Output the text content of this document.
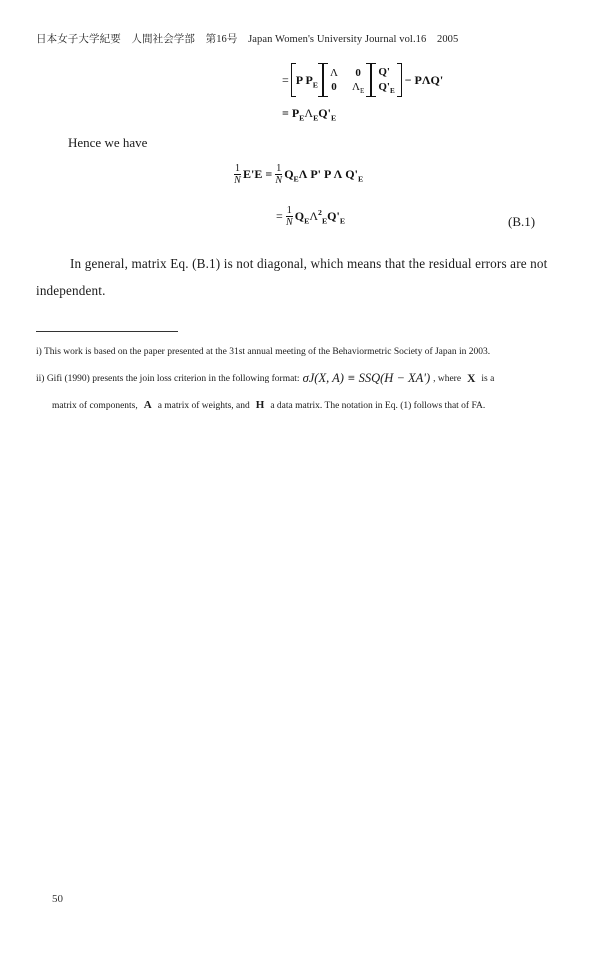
日本女子大学紀要　人間社会学部　第16号　Japan Women's University Journal vol.16　2005
= P $P_E$
Λ	0
0 $\Lambda_E$
Q'
$Q'_E$
− PΛQ'
= $P_E\Lambda_EQ'_E$
Hence we have
$\frac{1}{N} E'E = \frac{1}{N} Q_E\Lambda$ P' P Λ $Q'_E$
= $\frac{1}{N} Q_E\Lambda^2_EQ'_E$	(B.1)
In general, matrix Eq. (B.1) is not diagonal, which means that the residual errors are not independent.
i) This work is based on the paper presented at the 31st annual meeting of the Behaviormetric Society of Japan in 2003.
ii) Gifi (1990) presents the join loss criterion in the following format: σJ(X, A) ≡ SSQ(H − XA') , where X is a
matrix of components, A a matrix of weights, and H a data matrix. The notation in Eq. (1) follows that of FA.
50
